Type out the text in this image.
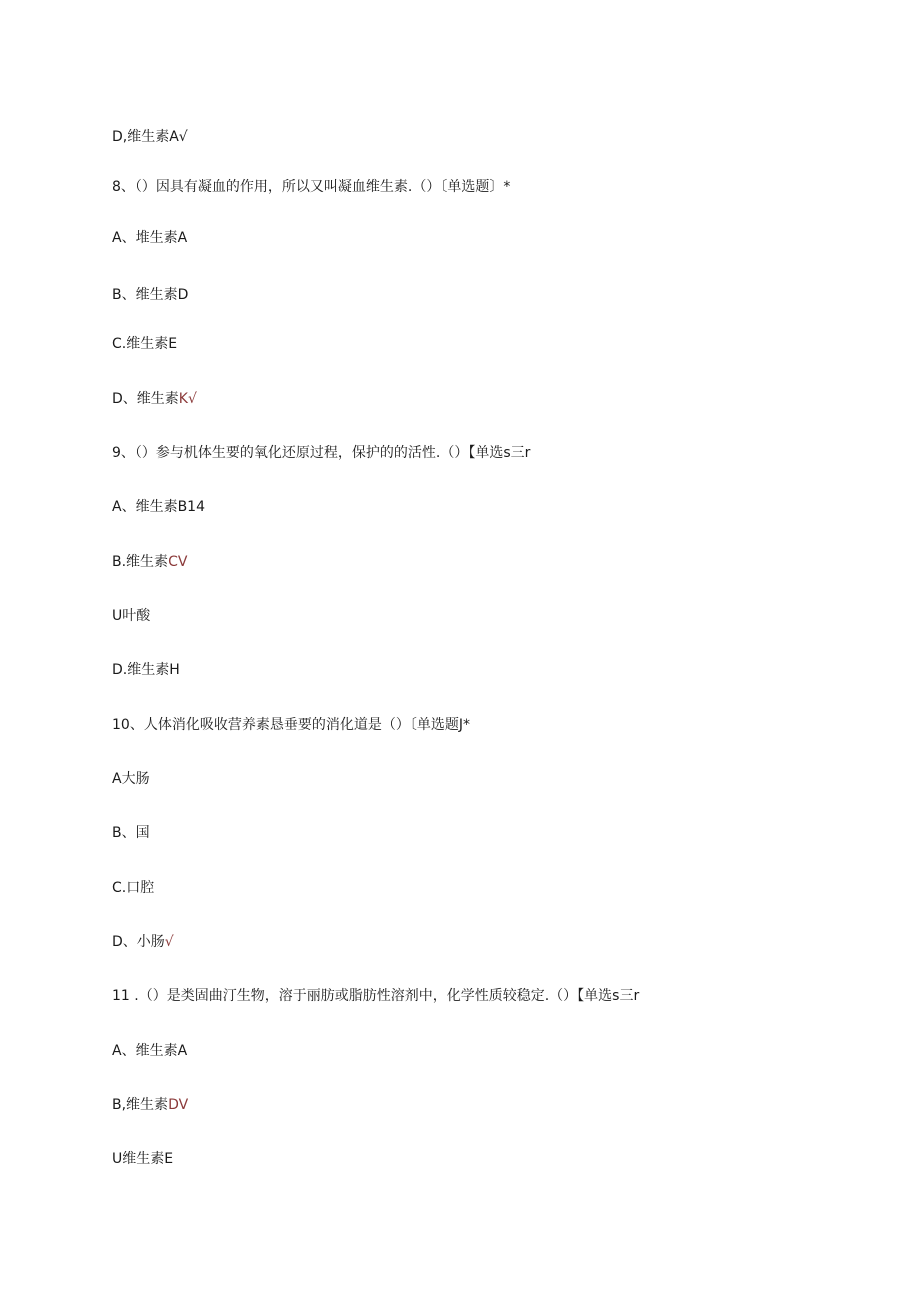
D,维生素A√
8、（）因具有凝血的作用，所以又叫凝血维生素.（）〔单选题〕*
A、堆生素A
B、维生素D
C.维生素E
D、维生素K√
9、（）参与机体生要的氧化还原过程，保护的的活性.（）【单选s三r
A、维生素B14
B.维生素CV
U叶酸
D.维生素H
10、人体消化吸收营养素恳垂要的消化道是（）〔单选题J*
A大肠
B、国
C.口腔
D、小肠√
11 .（）是类固曲汀生物，溶于丽肪或脂肪性溶剂中，化学性质较稳定.（）【单选s三r
A、维生素A
B,维生素DV
U维生素E
